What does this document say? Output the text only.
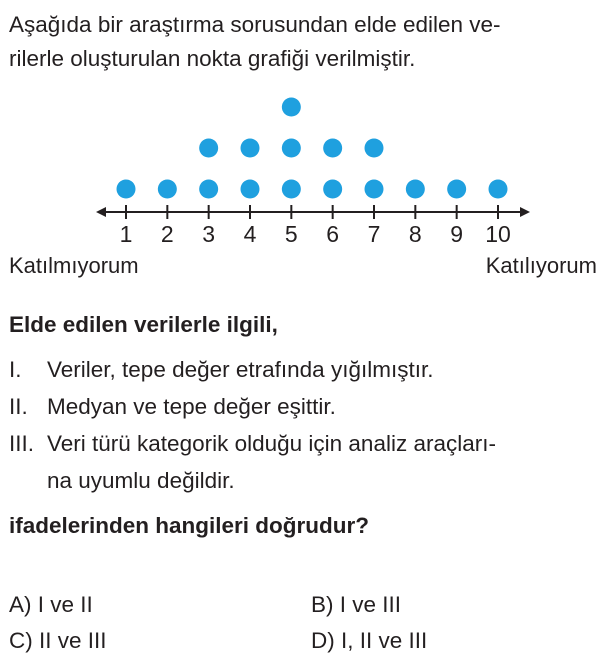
Aşağıda bir araştırma sorusundan elde edilen ve-
rilerle oluşturulan nokta grafiği verilmiştir.

1 2 3 4 5 6 7 8 9 10

Katılmıyorum	Katılıyorum

Elde edilen verilerle ilgili,

I.	Veriler, tepe değer etrafında yığılmıştır.
II. Medyan ve tepe değer eşittir.
III. Veri türü kategorik olduğu için analiz araçları-
na uyumlu değildir.

ifadelerinden hangileri doğrudur?

A) I ve II	B) I ve III

C) II ve III	D) I, II ve III
